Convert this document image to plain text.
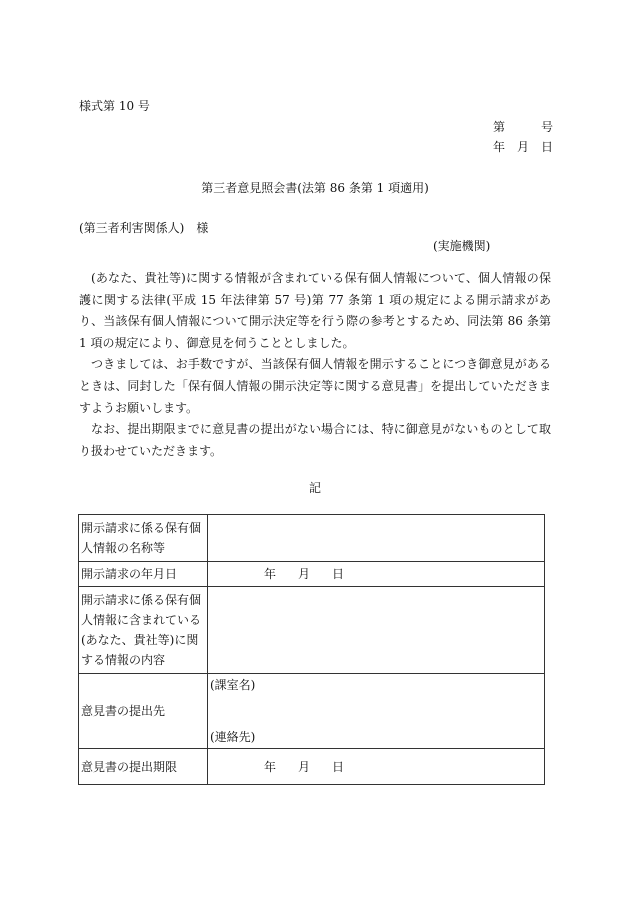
様式第 10 号
第　　　号
年　月　日
第三者意見照会書(法第 86 条第 1 項適用)
(第三者利害関係人)　様
(実施機関)

(あなた、貴社等)に関する情報が含まれている保有個人情報について、個人情報の保護に関する法律(平成 15 年法律第 57 号)第 77 条第 1 項の規定による開示請求があり、当該保有個人情報について開示決定等を行う際の参考とするため、同法第 86 条第 1 項の規定により、御意見を伺うこととしました。

つきましては、お手数ですが、当該保有個人情報を開示することにつき御意見があるときは、同封した「保有個人情報の開示決定等に関する意見書」を提出していただきますようお願いします。

なお、提出期限までに意見書の提出がない場合には、特に御意見がないものとして取り扱わせていただきます。

記
開示請求に係る保有個人情報の名称等	
開示請求の年月日	年 月 日
開示請求に係る保有個人情報に含まれている(あなた、貴社等)に関する情報の内容	
意見書の提出先	(課室名)
(連絡先)

意見書の提出期限	年 月 日
